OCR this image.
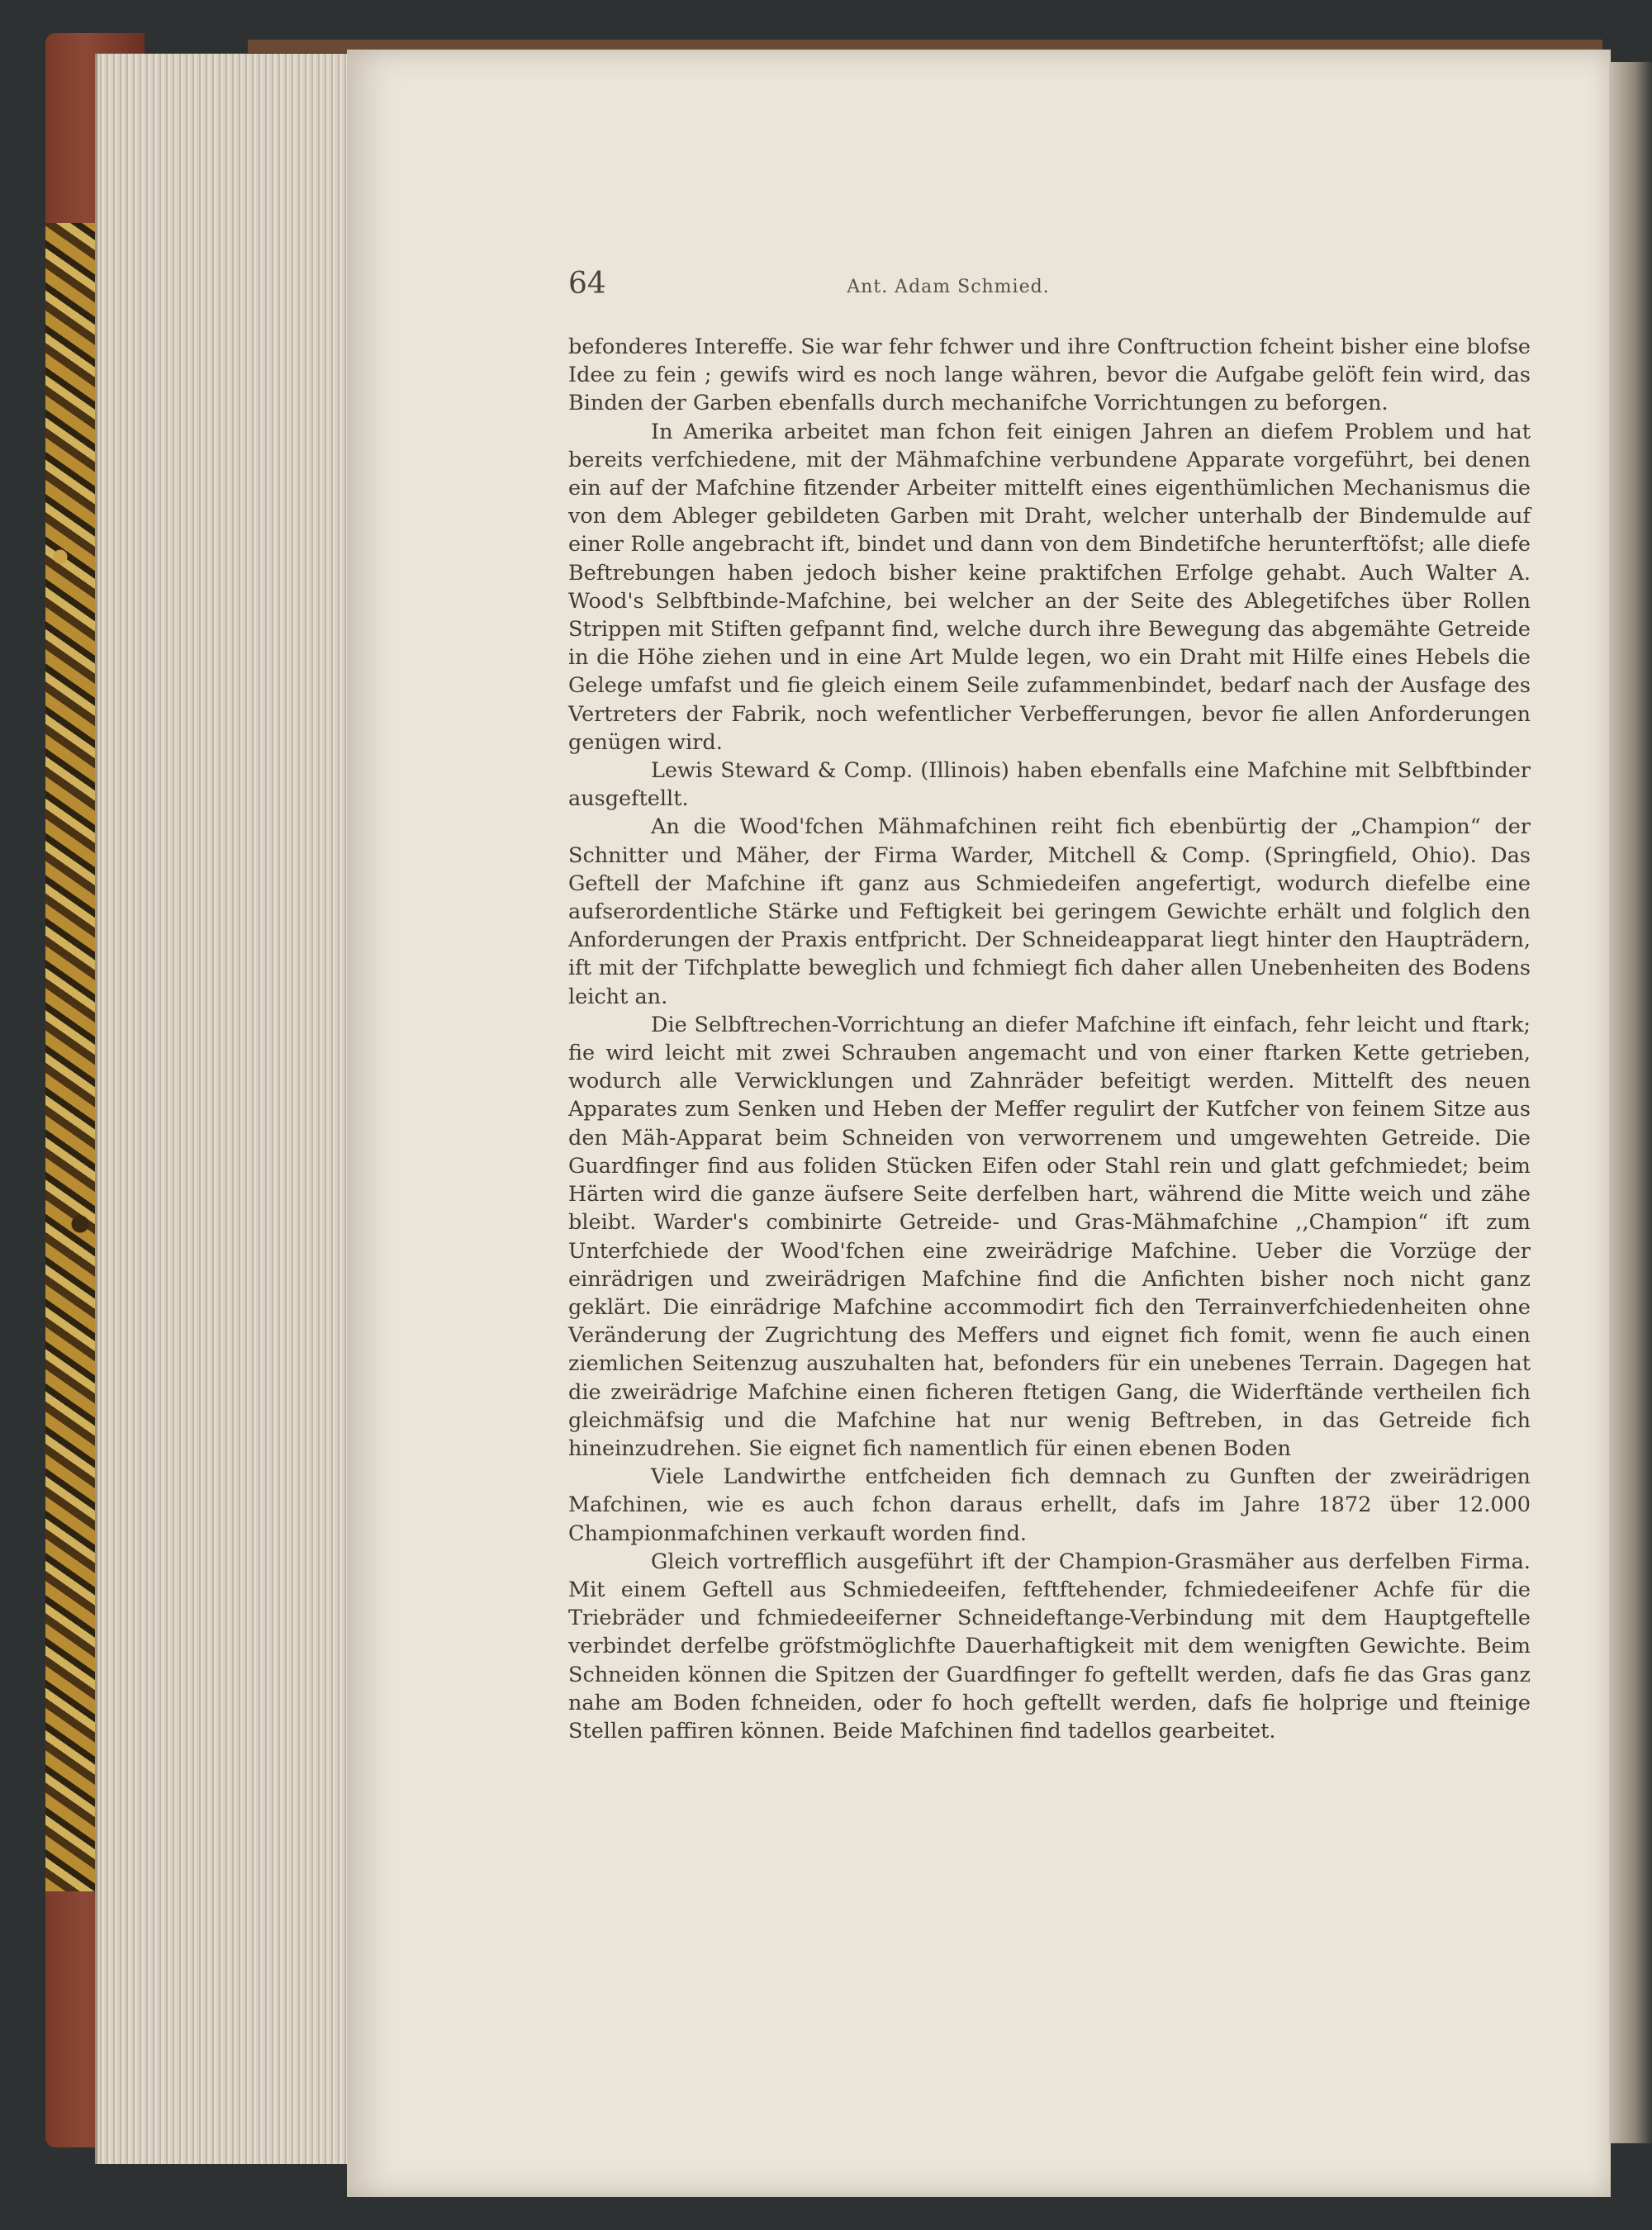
64	Ant. Adam Schmied.

befonderes Intereffe. Sie war fehr fchwer und ihre Conftruction fcheint bisher eine blofse Idee zu fein ; gewifs wird es noch lange währen, bevor die Aufgabe gelöft fein wird, das Binden der Garben ebenfalls durch mechanifche Vorrichtungen zu beforgen.

In Amerika arbeitet man fchon feit einigen Jahren an diefem Problem und hat bereits verfchiedene, mit der Mähmafchine verbundene Apparate vorgeführt, bei denen ein auf der Mafchine fitzender Arbeiter mittelft eines eigenthümlichen Mechanismus die von dem Ableger gebildeten Garben mit Draht, welcher unterhalb der Bindemulde auf einer Rolle angebracht ift, bindet und dann von dem Bindetifche herunterftöfst; alle diefe Beftrebungen haben jedoch bisher keine praktifchen Erfolge gehabt. Auch Walter A. Wood's Selbftbinde-Mafchine, bei welcher an der Seite des Ablegetifches über Rollen Strippen mit Stiften gefpannt find, welche durch ihre Bewegung das abgemähte Getreide in die Höhe ziehen und in eine Art Mulde legen, wo ein Draht mit Hilfe eines Hebels die Gelege umfafst und fie gleich einem Seile zufammenbindet, bedarf nach der Ausfage des Vertreters der Fabrik, noch wefentlicher Verbefferungen, bevor fie allen Anforderungen genügen wird.

Lewis Steward & Comp. (Illinois) haben ebenfalls eine Mafchine mit Selbftbinder ausgeftellt.

An die Wood'fchen Mähmafchinen reiht fich ebenbürtig der „Champion“ der Schnitter und Mäher, der Firma Warder, Mitchell & Comp. (Springfield, Ohio). Das Geftell der Mafchine ift ganz aus Schmiedeifen angefertigt, wodurch diefelbe eine aufserordentliche Stärke und Feftigkeit bei geringem Gewichte erhält und folglich den Anforderungen der Praxis entfpricht. Der Schneideapparat liegt hinter den Haupträdern, ift mit der Tifchplatte beweglich und fchmiegt fich daher allen Unebenheiten des Bodens leicht an.

Die Selbftrechen-Vorrichtung an diefer Mafchine ift einfach, fehr leicht und ftark; fie wird leicht mit zwei Schrauben angemacht und von einer ftarken Kette getrieben, wodurch alle Verwicklungen und Zahnräder befeitigt werden. Mittelft des neuen Apparates zum Senken und Heben der Meffer regulirt der Kutfcher von feinem Sitze aus den Mäh-Apparat beim Schneiden von verworrenem und umgewehten Getreide. Die Guardfinger find aus foliden Stücken Eifen oder Stahl rein und glatt gefchmiedet; beim Härten wird die ganze äufsere Seite derfelben hart, während die Mitte weich und zähe bleibt. Warder's combinirte Getreide- und Gras-Mähmafchine ,,Champion“ ift zum Unterfchiede der Wood'fchen eine zweirädrige Mafchine. Ueber die Vorzüge der einrädrigen und zweirädrigen Mafchine find die Anfichten bisher noch nicht ganz geklärt. Die einrädrige Mafchine accommodirt fich den Terrainverfchiedenheiten ohne Veränderung der Zugrichtung des Meffers und eignet fich fomit, wenn fie auch einen ziemlichen Seitenzug auszuhalten hat, befonders für ein unebenes Terrain. Dagegen hat die zweirädrige Mafchine einen ficheren ftetigen Gang, die Widerftände vertheilen fich gleichmäfsig und die Mafchine hat nur wenig Beftreben, in das Getreide fich hineinzudrehen. Sie eignet fich namentlich für einen ebenen Boden

Viele Landwirthe entfcheiden fich demnach zu Gunften der zweirädrigen Mafchinen, wie es auch fchon daraus erhellt, dafs im Jahre 1872 über 12.000 Championmafchinen verkauft worden find.

Gleich vortrefflich ausgeführt ift der Champion-Grasmäher aus derfelben Firma. Mit einem Geftell aus Schmiedeeifen, feftftehender, fchmiedeeifener Achfe für die Triebräder und fchmiedeeiferner Schneideftange-Verbindung mit dem Hauptgeftelle verbindet derfelbe gröfstmöglichfte Dauerhaftigkeit mit dem wenigften Gewichte. Beim Schneiden können die Spitzen der Guardfinger fo geftellt werden, dafs fie das Gras ganz nahe am Boden fchneiden, oder fo hoch geftellt werden, dafs fie holprige und fteinige Stellen paffiren können. Beide Mafchinen find tadellos gearbeitet.
